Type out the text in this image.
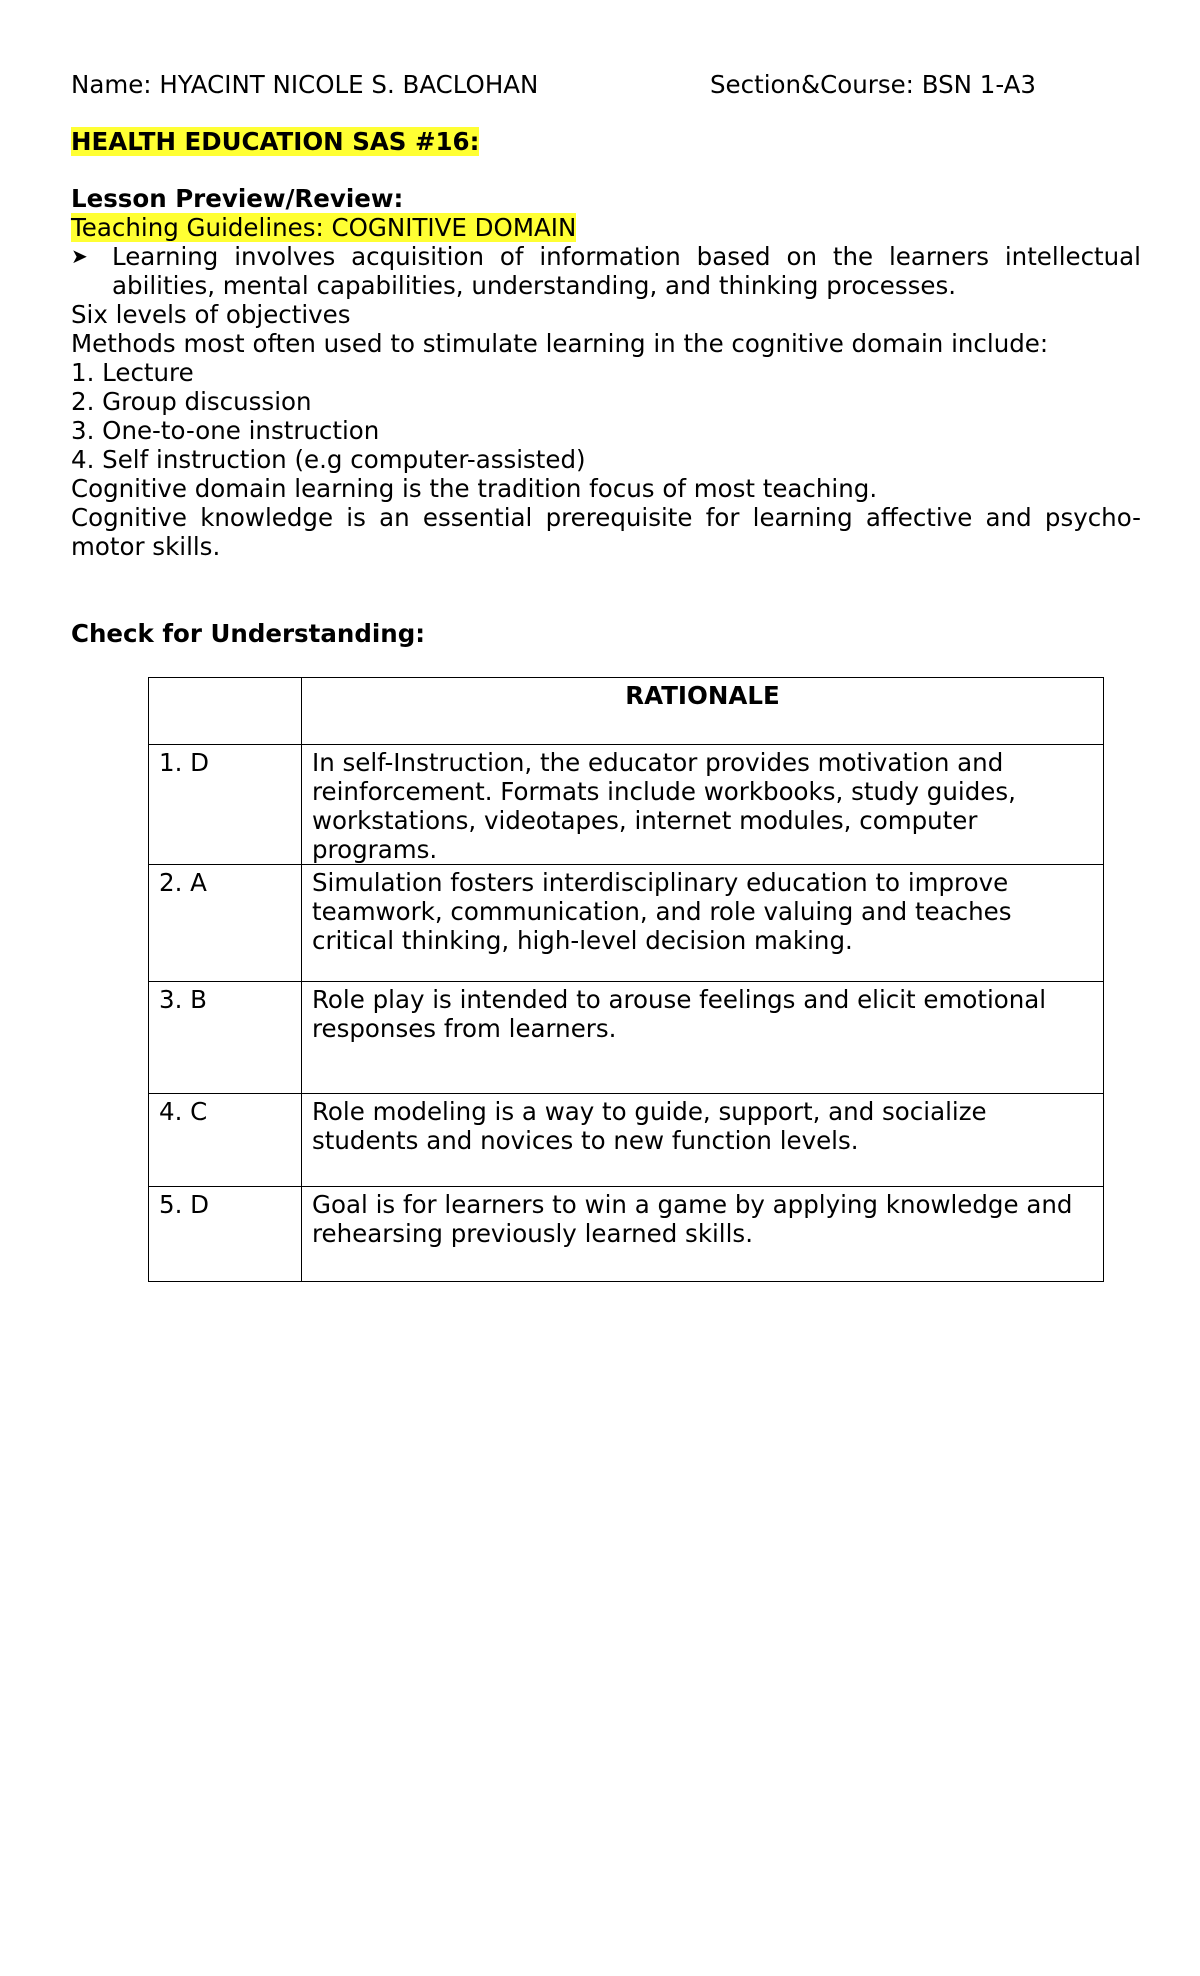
Name: HYACINT NICOLE S. BACLOHAN	Section&Course: BSN 1-A3
HEALTH EDUCATION SAS #16:
Lesson Preview/Review:
Teaching Guidelines: COGNITIVE DOMAIN
➤ Learning involves acquisition of information based on the learners intellectual abilities, mental capabilities, understanding, and thinking processes.
Six levels of objectives
Methods most often used to stimulate learning in the cognitive domain include:
1. Lecture
2. Group discussion
3. One-to-one instruction
4. Self instruction (e.g computer-assisted)
Cognitive domain learning is the tradition focus of most teaching.
Cognitive knowledge is an essential prerequisite for learning affective and psycho-motor skills.
Check for Understanding:
	RATIONALE
1. D	In self-Instruction, the educator provides motivation and reinforcement. Formats include workbooks, study guides, workstations, videotapes, internet modules, computer programs.
2. A	Simulation fosters interdisciplinary education to improve teamwork, communication, and role valuing and teaches critical thinking, high-level decision making.
3. B	Role play is intended to arouse feelings and elicit emotional responses from learners.
4. C	Role modeling is a way to guide, support, and socialize students and novices to new function levels.
5. D	Goal is for learners to win a game by applying knowledge and rehearsing previously learned skills.
